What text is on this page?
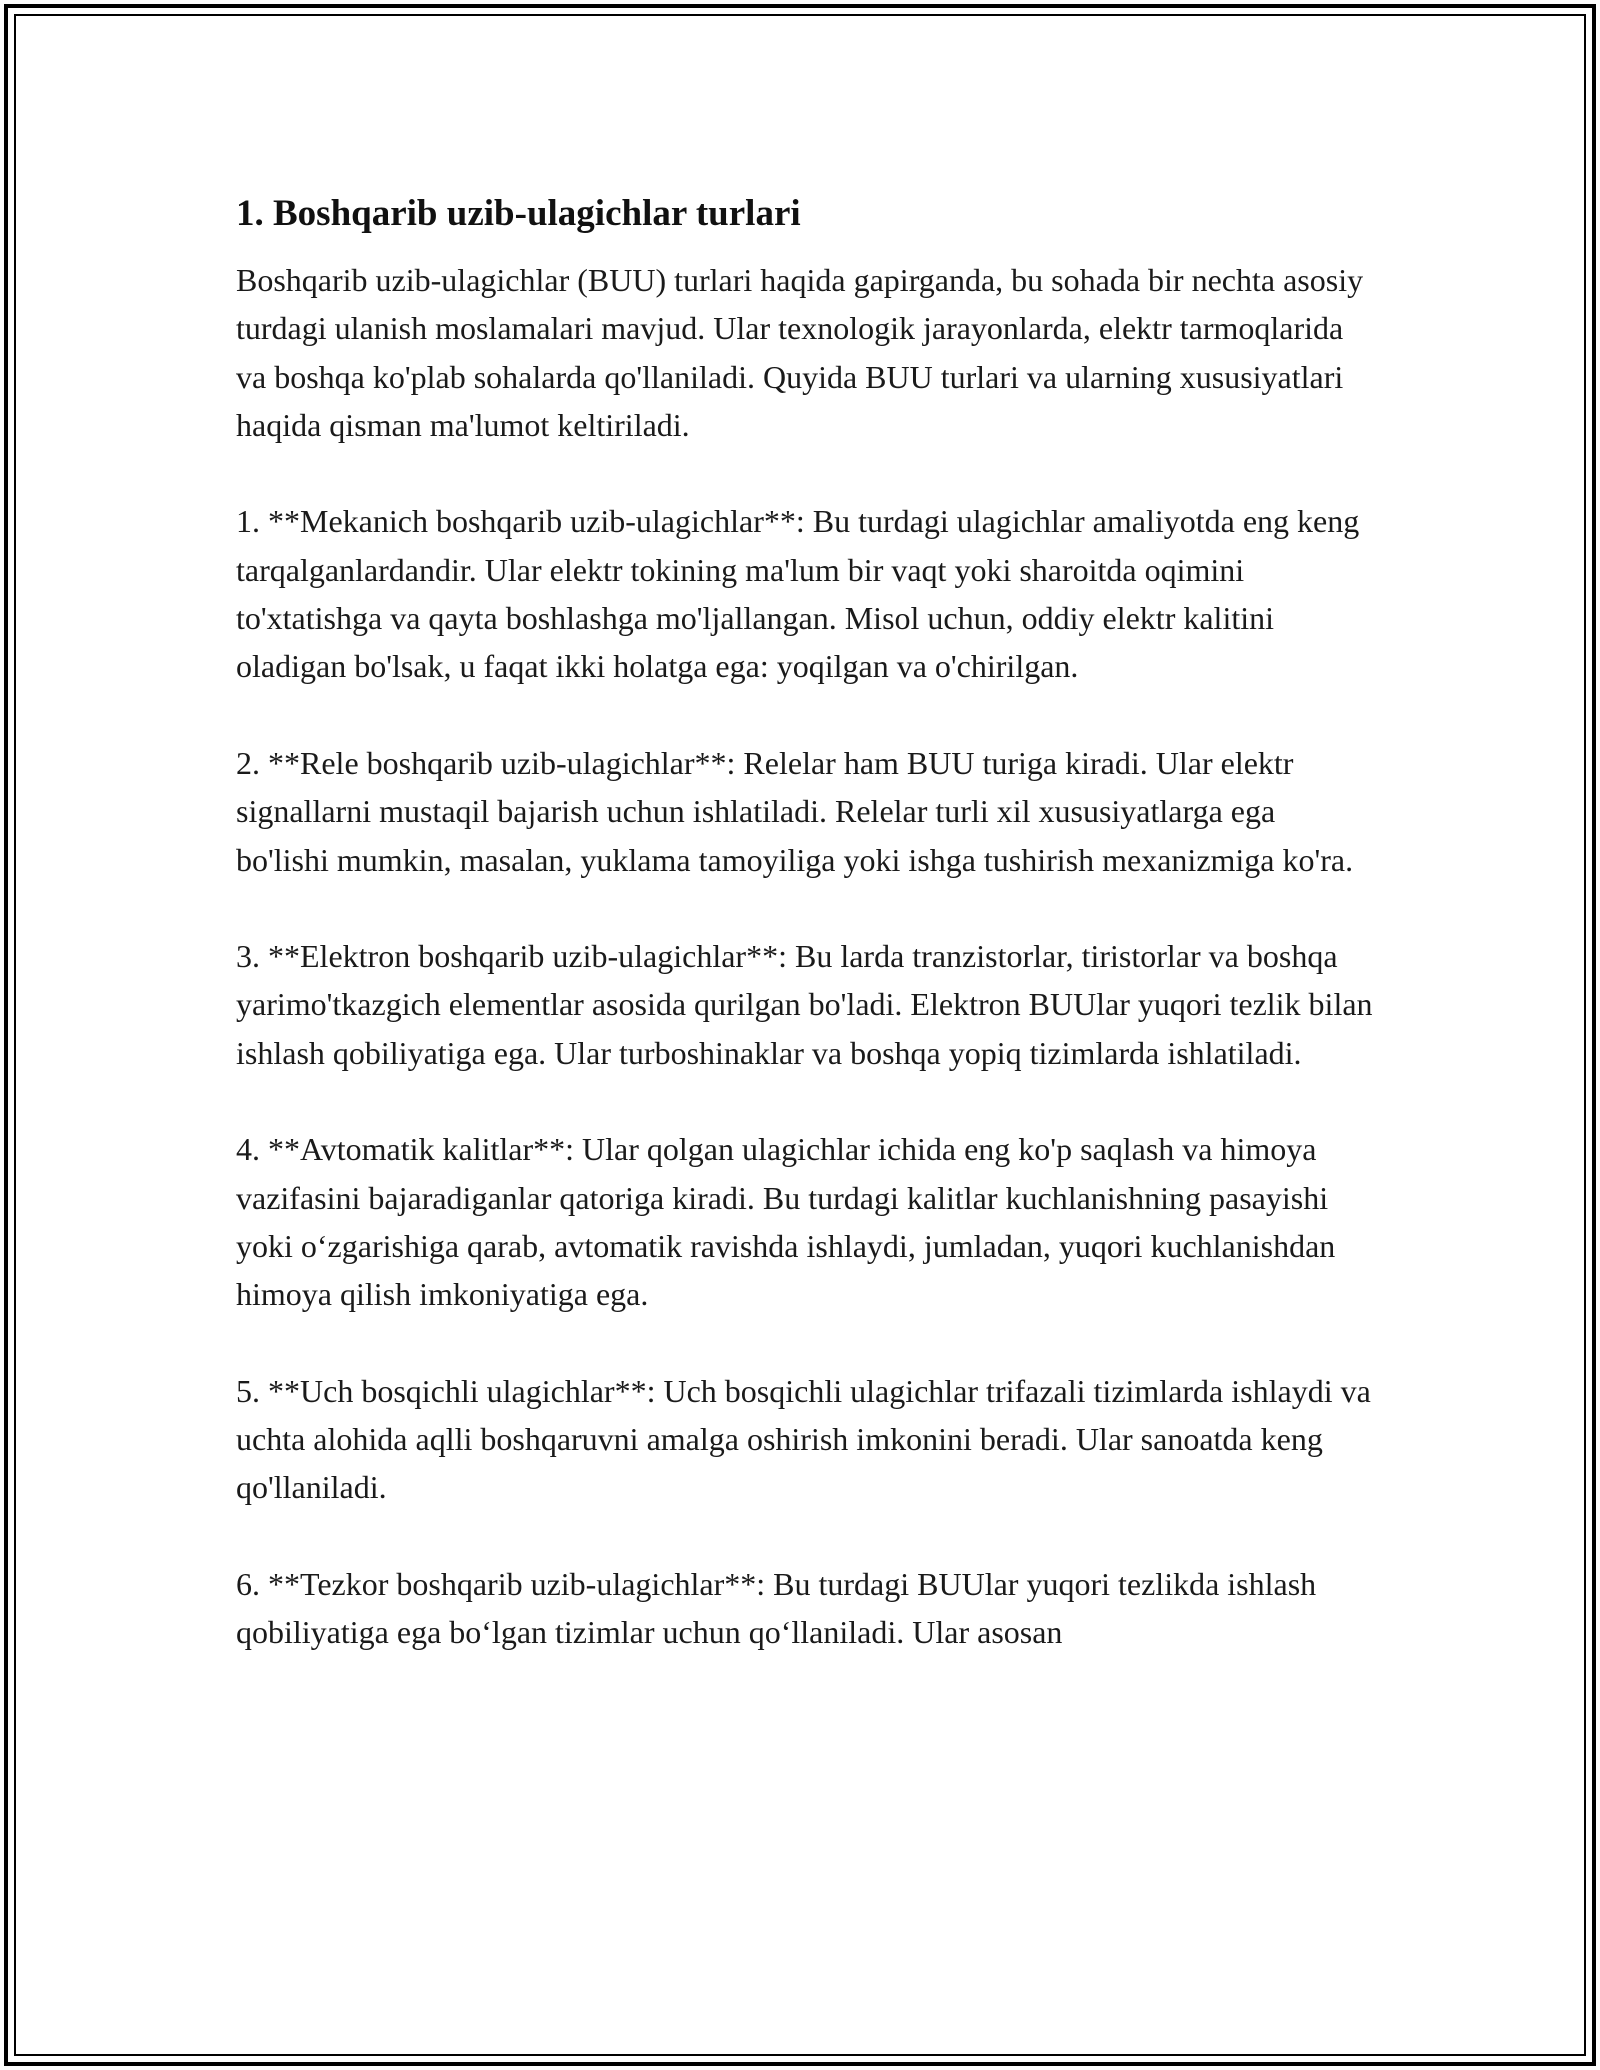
1. Boshqarib uzib-ulagichlar turlari

Boshqarib uzib-ulagichlar (BUU) turlari haqida gapirganda, bu sohada bir nechta asosiy turdagi ulanish moslamalari mavjud. Ular texnologik jarayonlarda, elektr tarmoqlarida va boshqa ko'plab sohalarda qo'llaniladi. Quyida BUU turlari va ularning xususiyatlari haqida qisman ma'lumot keltiriladi.

1. **Mekanich boshqarib uzib-ulagichlar**: Bu turdagi ulagichlar amaliyotda eng keng tarqalganlardandir. Ular elektr tokining ma'lum bir vaqt yoki sharoitda oqimini to'xtatishga va qayta boshlashga mo'ljallangan. Misol uchun, oddiy elektr kalitini oladigan bo'lsak, u faqat ikki holatga ega: yoqilgan va o'chirilgan.

2. **Rele boshqarib uzib-ulagichlar**: Relelar ham BUU turiga kiradi. Ular elektr signallarni mustaqil bajarish uchun ishlatiladi. Relelar turli xil xususiyatlarga ega bo'lishi mumkin, masalan, yuklama tamoyiliga yoki ishga tushirish mexanizmiga ko'ra.

3. **Elektron boshqarib uzib-ulagichlar**: Bu larda tranzistorlar, tiristorlar va boshqa yarimo'tkazgich elementlar asosida qurilgan bo'ladi. Elektron BUUlar yuqori tezlik bilan ishlash qobiliyatiga ega. Ular turboshinaklar va boshqa yopiq tizimlarda ishlatiladi.

4. **Avtomatik kalitlar**: Ular qolgan ulagichlar ichida eng ko'p saqlash va himoya vazifasini bajaradiganlar qatoriga kiradi. Bu turdagi kalitlar kuchlanishning pasayishi yoki o‘zgarishiga qarab, avtomatik ravishda ishlaydi, jumladan, yuqori kuchlanishdan himoya qilish imkoniyatiga ega.

5. **Uch bosqichli ulagichlar**: Uch bosqichli ulagichlar trifazali tizimlarda ishlaydi va uchta alohida aqlli boshqaruvni amalga oshirish imkonini beradi. Ular sanoatda keng qo'llaniladi.

6. **Tezkor boshqarib uzib-ulagichlar**: Bu turdagi BUUlar yuqori tezlikda ishlash qobiliyatiga ega bo‘lgan tizimlar uchun qo‘llaniladi. Ular asosan
